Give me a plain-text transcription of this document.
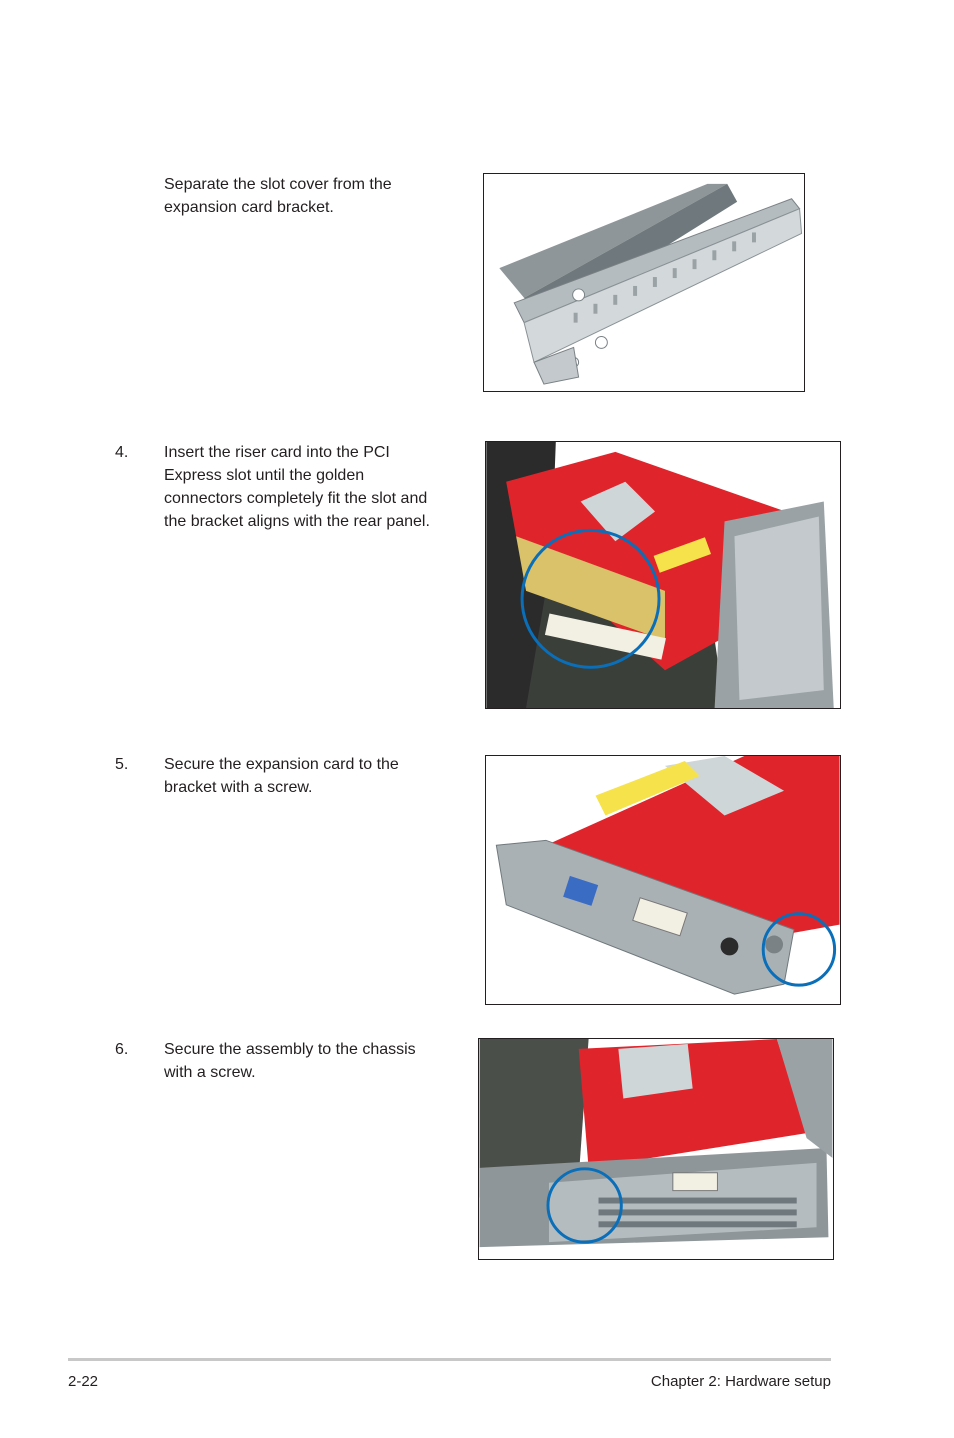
Separate the slot cover from the expansion card bracket.
4. Insert the riser card into the PCI Express slot until the golden connectors completely fit the slot and the bracket aligns with the rear panel.
5. Secure the expansion card to the bracket with a screw.
6. Secure the assembly to the chassis with a screw.
2-22	Chapter 2: Hardware setup
